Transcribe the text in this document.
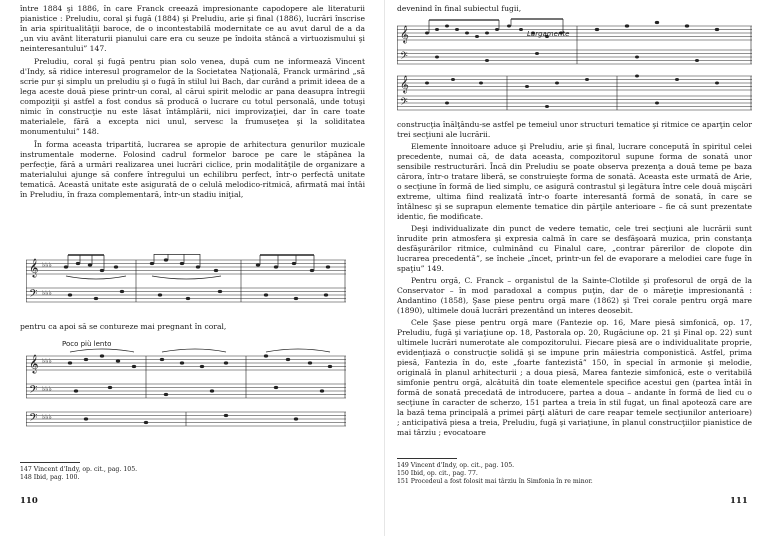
între 1884 şi 1886, în care Franck creează impresionante capodopere ale literaturii pianistice : Preludiu, coral şi fugă (1884) şi Preludiu, arie şi final (1886), lucrări înscrise în aria spiritualităţii baroce, de o incontestabilă modernitate ce au avut darul de a da „un viu avânt literaturii pianului care era cu seuze pe îndoita stâncă a virtuozismului şi neinteresantului” 147.

Preludiu, coral şi fugă pentru pian solo venea, după cum ne informează Vincent d'Indy, să ridice interesul programelor de la Societatea Naţională, Franck urmărind „să scrie pur şi simplu un preludiu şi o fugă în stilul lui Bach, dar curând a primit ideea de a lega aceste două piese printr-un coral, al cărui spirit melodic ar pana deasupra întregii compoziţii şi astfel a fost condus să producă o lucrare cu totul personală, unde totuşi nimic în construcţie nu este lăsat întâmplării, nici improvizaţiei, dar în care toate materialele, fără a excepta nici unul, servesc la frumuseţea şi la soliditatea monumentului” 148.

În forma aceasta tripartită, lucrarea se apropie de arhitectura genurilor muzicale instrumentale moderne. Folosind cadrul formelor baroce pe care le stăpânea la perfecţie, fără a urmări realizarea unei lucrări ciclice, prin modalităţile de organizare a materialului ajunge să confere întregului un echilibru perfect, într-o perfectă unitate tematică. Această unitate este asigurată de o celulă melodico-ritmică, afirmată mai întâi în Preludiu, în fraza complementară, într-un stadiu iniţial,

𝄞
𝄢
♭♭♭
♭♭♭
pentru ca apoi să se contureze mai pregnant în coral,
Poco più lento
𝄞
𝄢
𝄢
♭♭♭
♭♭♭
♭♭♭
147 Vincent d'Indy, op. cit., pag. 105.
148 Ibid, pag. 100.
110
devenind în final subiectul fugii,
Largamente
𝄞
𝄢
𝄞
𝄢

construcţia înălţându-se astfel pe temeiul unor structuri tematice şi ritmice ce aparţin celor trei secţiuni ale lucrării.

Elemente înnoitoare aduce şi Preludiu, arie şi final, lucrare concepută în spiritul celei precedente, numai că, de data aceasta, compozitorul supune forma de sonată unor sensibile restructurări. Încă din Preludiu se poate observa prezenţa a două teme pe baza cărora, într-o tratare liberă, se construieşte forma de sonată. Aceasta este urmată de Arie, o secţiune în formă de lied simplu, ce asigură contrastul şi legătura între cele două mişcări extreme, ultima fiind realizată într-o foarte interesantă formă de sonată, în care se întâlnesc şi se suprapun elemente tematice din părţile anterioare – fie că sunt prezentate identic, fie modificate.

Deşi individualizate din punct de vedere tematic, cele trei secţiuni ale lucrării sunt înrudite prin atmosfera şi expresia calmă în care se desfăşoară muzica, prin constanţa desfăşurărilor ritmice, culminând cu Finalul care, „contrar părerilor de clopote din lucrarea precedentă”, se încheie „încet, printr-un fel de evaporare a melodiei care fuge în spaţiu” 149.

Pentru orgă, C. Franck – organistul de la Sainte-Clotilde şi profesorul de orgă de la Conservator – în mod paradoxal a compus puţin, dar de o măreţie impresionantă : Andantino (1858), Şase piese pentru orgă mare (1862) şi Trei corale pentru orgă mare (1890), ultimele două lucrări prezentând un interes deosebit.

Cele Şase piese pentru orgă mare (Fantezie op. 16, Mare piesă simfonică, op. 17, Preludiu, fugă şi variaţiune op. 18, Pastorala op. 20, Rugăciune op. 21 şi Final op. 22) sunt ultimele lucrări numerotate ale compozitorului. Fiecare piesă are o individualitate proprie, evidenţiază o construcţie solidă şi se impune prin măiestria componistică. Astfel, prima piesă, Fantezia în do, este „foarte fantezistă” 150, în special în armonie şi melodie, originală în planul arhitecturii ; a doua piesă, Marea fantezie simfonică, este o veritabilă simfonie pentru orgă, alcătuită din toate elementele specifice acestui gen (partea întâi în formă de sonată precedată de introducere, partea a doua – andante în formă de lied cu o secţiune în caracter de scherzo, 151 partea a treia în stil fugat, un final apoteoză care are la bază tema principală a primei părţi alături de care reapar temele secţiunilor anterioare) ; anticipativă piesa a treia, Preludiu, fugă şi variaţiune, în planul construcţiilor pianistice de mai târziu ; evocatoare

149 Vincent d'Indy, op. cit., pag. 105.
150 Ibid, op. cit., pag. 77.
151 Procedeul a fost folosit mai târziu în Simfonia în re minor.
111
